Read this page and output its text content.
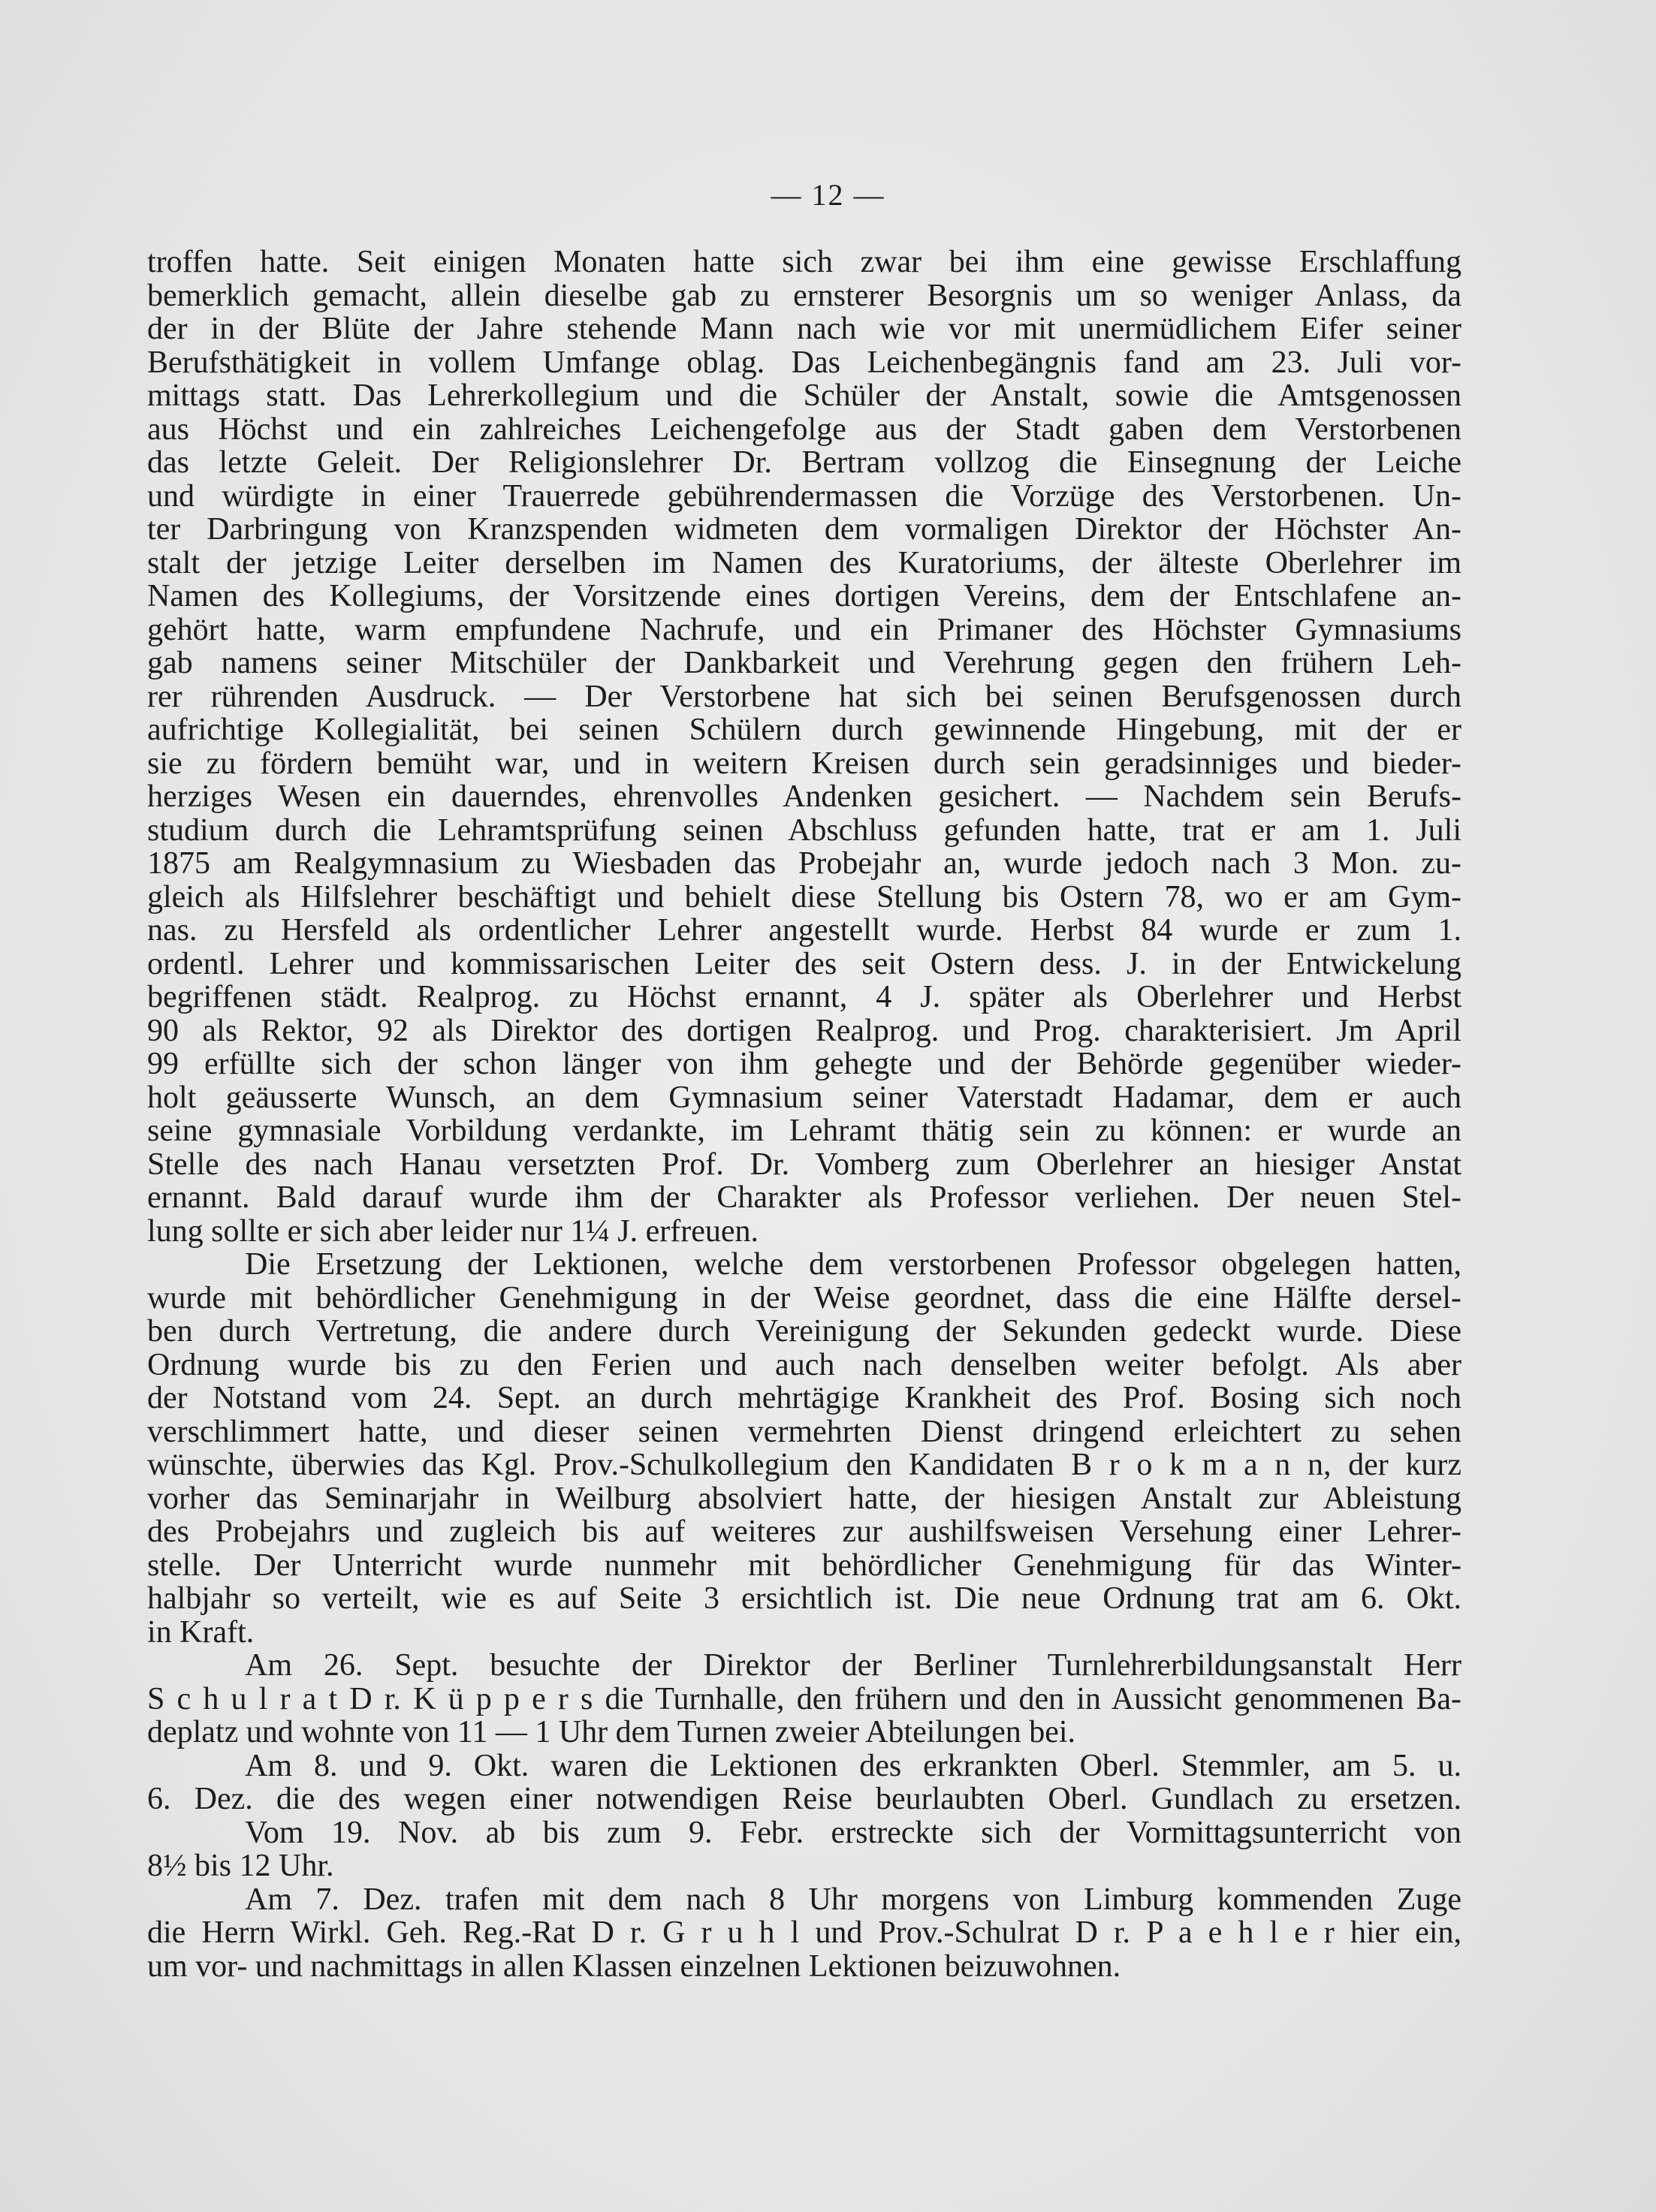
— 12 —
troffen hatte. Seit einigen Monaten hatte sich zwar bei ihm eine gewisse Erschlaffung
bemerklich gemacht, allein dieselbe gab zu ernsterer Besorgnis um so weniger Anlass, da
der in der Blüte der Jahre stehende Mann nach wie vor mit unermüdlichem Eifer seiner
Berufsthätigkeit in vollem Umfange oblag. Das Leichenbegängnis fand am 23. Juli vor-
mittags statt. Das Lehrerkollegium und die Schüler der Anstalt, sowie die Amtsgenossen
aus Höchst und ein zahlreiches Leichengefolge aus der Stadt gaben dem Verstorbenen
das letzte Geleit. Der Religionslehrer Dr. Bertram vollzog die Einsegnung der Leiche
und würdigte in einer Trauerrede gebührendermassen die Vorzüge des Verstorbenen. Un-
ter Darbringung von Kranzspenden widmeten dem vormaligen Direktor der Höchster An-
stalt der jetzige Leiter derselben im Namen des Kuratoriums, der älteste Oberlehrer im
Namen des Kollegiums, der Vorsitzende eines dortigen Vereins, dem der Entschlafene an-
gehört hatte, warm empfundene Nachrufe, und ein Primaner des Höchster Gymnasiums
gab namens seiner Mitschüler der Dankbarkeit und Verehrung gegen den frühern Leh-
rer rührenden Ausdruck. — Der Verstorbene hat sich bei seinen Berufsgenossen durch
aufrichtige Kollegialität, bei seinen Schülern durch gewinnende Hingebung, mit der er
sie zu fördern bemüht war, und in weitern Kreisen durch sein geradsinniges und bieder-
herziges Wesen ein dauerndes, ehrenvolles Andenken gesichert. — Nachdem sein Berufs-
studium durch die Lehramtsprüfung seinen Abschluss gefunden hatte, trat er am 1. Juli
1875 am Realgymnasium zu Wiesbaden das Probejahr an, wurde jedoch nach 3 Mon. zu-
gleich als Hilfslehrer beschäftigt und behielt diese Stellung bis Ostern 78, wo er am Gym-
nas. zu Hersfeld als ordentlicher Lehrer angestellt wurde. Herbst 84 wurde er zum 1.
ordentl. Lehrer und kommissarischen Leiter des seit Ostern dess. J. in der Entwickelung
begriffenen städt. Realprog. zu Höchst ernannt, 4 J. später als Oberlehrer und Herbst
90 als Rektor, 92 als Direktor des dortigen Realprog. und Prog. charakterisiert. Jm April
99 erfüllte sich der schon länger von ihm gehegte und der Behörde gegenüber wieder-
holt geäusserte Wunsch, an dem Gymnasium seiner Vaterstadt Hadamar, dem er auch
seine gymnasiale Vorbildung verdankte, im Lehramt thätig sein zu können: er wurde an
Stelle des nach Hanau versetzten Prof. Dr. Vomberg zum Oberlehrer an hiesiger Anstat
ernannt. Bald darauf wurde ihm der Charakter als Professor verliehen. Der neuen Stel-
lung sollte er sich aber leider nur 1¼ J. erfreuen.
Die Ersetzung der Lektionen, welche dem verstorbenen Professor obgelegen hatten,
wurde mit behördlicher Genehmigung in der Weise geordnet, dass die eine Hälfte dersel-
ben durch Vertretung, die andere durch Vereinigung der Sekunden gedeckt wurde. Diese
Ordnung wurde bis zu den Ferien und auch nach denselben weiter befolgt. Als aber
der Notstand vom 24. Sept. an durch mehrtägige Krankheit des Prof. Bosing sich noch
verschlimmert hatte, und dieser seinen vermehrten Dienst dringend erleichtert zu sehen
wünschte, überwies das Kgl. Prov.-Schulkollegium den Kandidaten B r o k m a n n, der kurz
vorher das Seminarjahr in Weilburg absolviert hatte, der hiesigen Anstalt zur Ableistung
des Probejahrs und zugleich bis auf weiteres zur aushilfsweisen Versehung einer Lehrer-
stelle. Der Unterricht wurde nunmehr mit behördlicher Genehmigung für das Winter-
halbjahr so verteilt, wie es auf Seite 3 ersichtlich ist. Die neue Ordnung trat am 6. Okt.
in Kraft.
Am 26. Sept. besuchte der Direktor der Berliner Turnlehrerbildungsanstalt Herr
S c h u l r a t D r. K ü p p e r s die Turnhalle, den frühern und den in Aussicht genommenen Ba-
deplatz und wohnte von 11 — 1 Uhr dem Turnen zweier Abteilungen bei.
Am 8. und 9. Okt. waren die Lektionen des erkrankten Oberl. Stemmler, am 5. u.
6. Dez. die des wegen einer notwendigen Reise beurlaubten Oberl. Gundlach zu ersetzen.
Vom 19. Nov. ab bis zum 9. Febr. erstreckte sich der Vormittagsunterricht von
8½ bis 12 Uhr.
Am 7. Dez. trafen mit dem nach 8 Uhr morgens von Limburg kommenden Zuge
die Herrn Wirkl. Geh. Reg.-Rat D r. G r u h l und Prov.-Schulrat D r. P a e h l e r hier ein,
um vor- und nachmittags in allen Klassen einzelnen Lektionen beizuwohnen.
